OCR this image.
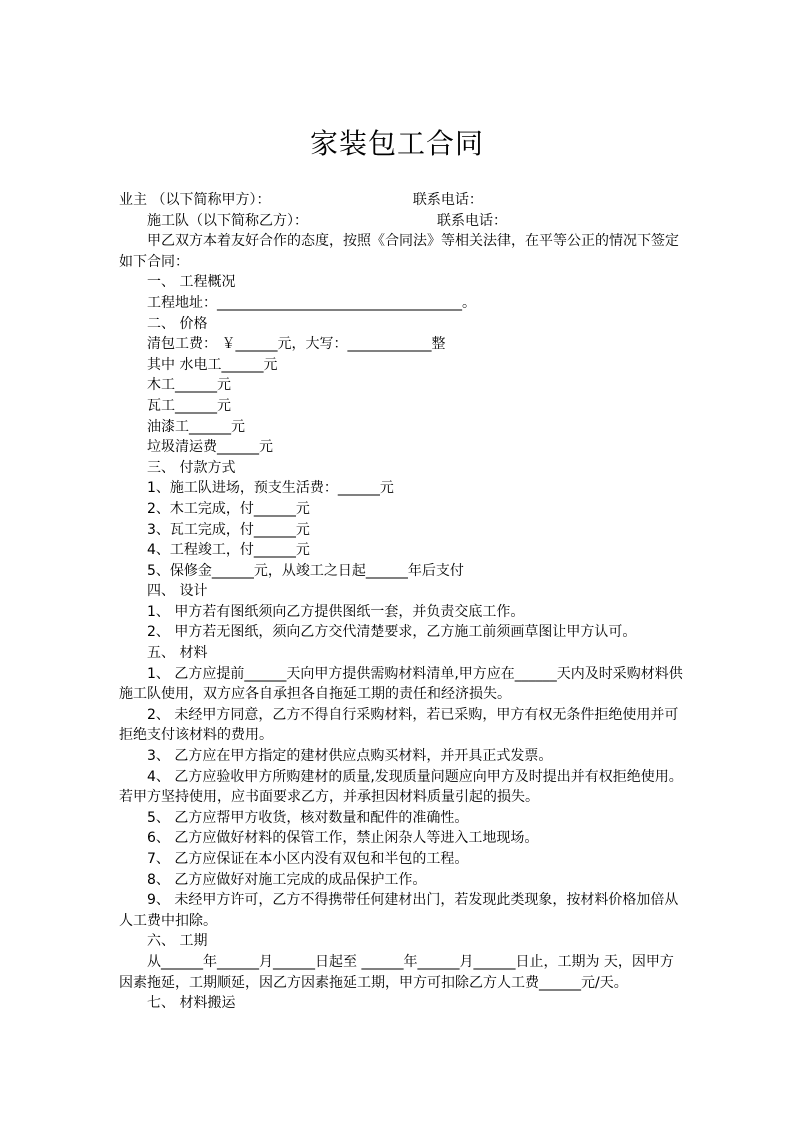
家装包工合同
业主 （以下简称甲方）：                                联系电话：
施工队（以下简称乙方）：                             联系电话：
甲乙双方本着友好合作的态度，按照《合同法》等相关法律，在平等公正的情况下签定如下合同：
一、 工程概况
工程地址：___________________________________。
二、 价格
清包工费： ￥______元，大写：____________整
其中 水电工______元
木工______元
瓦工______元
油漆工______元
垃圾清运费______元
三、 付款方式
1、施工队进场，预支生活费：______元
2、木工完成，付______元
3、瓦工完成，付______元
4、工程竣工，付______元
5、保修金______元，从竣工之日起______年后支付
四、 设计
1、 甲方若有图纸须向乙方提供图纸一套，并负责交底工作。
2、 甲方若无图纸，须向乙方交代清楚要求，乙方施工前须画草图让甲方认可。
五、 材料
1、 乙方应提前______天向甲方提供需购材料清单,甲方应在______天内及时采购材料供施工队使用，双方应各自承担各自拖延工期的责任和经济损失。
2、 未经甲方同意，乙方不得自行采购材料，若已采购，甲方有权无条件拒绝使用并可拒绝支付该材料的费用。
3、 乙方应在甲方指定的建材供应点购买材料，并开具正式发票。
4、 乙方应验收甲方所购建材的质量,发现质量问题应向甲方及时提出并有权拒绝使用。若甲方坚持使用，应书面要求乙方，并承担因材料质量引起的损失。
5、 乙方应帮甲方收货，核对数量和配件的准确性。
6、 乙方应做好材料的保管工作，禁止闲杂人等进入工地现场。
7、 乙方应保证在本小区内没有双包和半包的工程。
8、 乙方应做好对施工完成的成品保护工作。
9、 未经甲方许可，乙方不得携带任何建材出门，若发现此类现象，按材料价格加倍从人工费中扣除。
六、 工期
从______年______月______日起至 ______年______月______日止，工期为 天，因甲方因素拖延，工期顺延，因乙方因素拖延工期，甲方可扣除乙方人工费______元/天。
七、 材料搬运
